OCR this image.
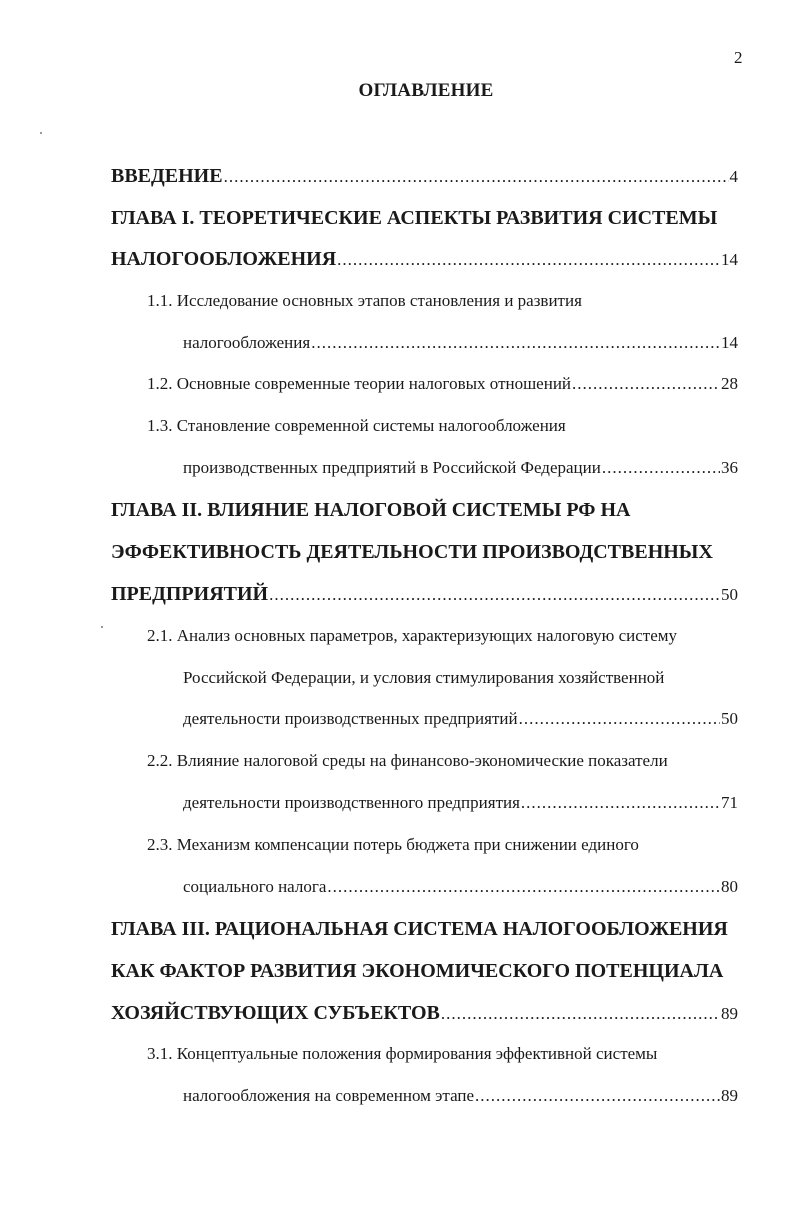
2
ОГЛАВЛЕНИЕ
ВВЕДЕНИЕ .....	4
ГЛАВА I. ТЕОРЕТИЧЕСКИЕ АСПЕКТЫ РАЗВИТИЯ СИСТЕМЫ
НАЛОГООБЛОЖЕНИЯ .....	14
1.1. Исследование основных этапов становления и развития
налогообложения .....	14
1.2. Основные современные теории налоговых отношений .....	28
1.3. Становление современной системы налогообложения
производственных предприятий в Российской Федерации .....	36
ГЛАВА II. ВЛИЯНИЕ НАЛОГОВОЙ СИСТЕМЫ РФ НА
ЭФФЕКТИВНОСТЬ ДЕЯТЕЛЬНОСТИ ПРОИЗВОДСТВЕННЫХ
ПРЕДПРИЯТИЙ .....	50
2.1. Анализ основных параметров, характеризующих налоговую систему
Российской Федерации, и условия стимулирования хозяйственной
деятельности производственных предприятий .....	50
2.2. Влияние налоговой среды на финансово-экономические показатели
деятельности производственного предприятия .....	71
2.3. Механизм компенсации потерь бюджета при снижении единого
социального налога .....	80
ГЛАВА III. РАЦИОНАЛЬНАЯ СИСТЕМА НАЛОГООБЛОЖЕНИЯ
КАК ФАКТОР РАЗВИТИЯ ЭКОНОМИЧЕСКОГО ПОТЕНЦИАЛА
ХОЗЯЙСТВУЮЩИХ СУБЪЕКТОВ .....	89
3.1. Концептуальные положения формирования эффективной системы
налогообложения на современном этапе .....	89
